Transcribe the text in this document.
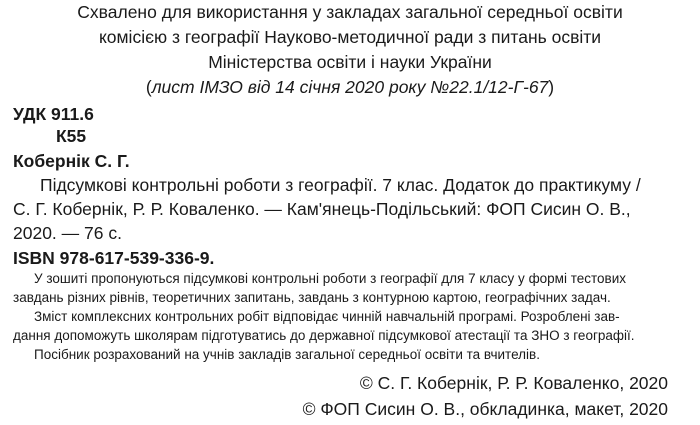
Схвалено для використання у закладах загальної середньої освіти
комісією з географії Науково-методичної ради з питань освіти
Міністерства освіти і науки України
(лист ІМЗО від 14 січня 2020 року №22.1/12-Г-67)
УДК 911.6
К55
Кобернік С. Г.
Підсумкові контрольні роботи з географії. 7 клас. Додаток до практикуму /
С. Г. Кобернік, Р. Р. Коваленко. — Кам'янець-Подільський: ФОП Сисин О. В.,
2020. — 76 с.
ISBN 978-617-539-336-9.
У зошиті пропонуються підсумкові контрольні роботи з географії для 7 класу у формі тестових
завдань різних рівнів, теоретичних запитань, завдань з контурною картою, географічних задач.
Зміст комплексних контрольних робіт відповідає чинній навчальній програмі. Розроблені зав-
дання допоможуть школярам підготуватись до державної підсумкової атестації та ЗНО з географії.
Посібник розрахований на учнів закладів загальної середньої освіти та вчителів.
© С. Г. Кобернік, Р. Р. Коваленко, 2020
© ФОП Сисин О. В., обкладинка, макет, 2020
